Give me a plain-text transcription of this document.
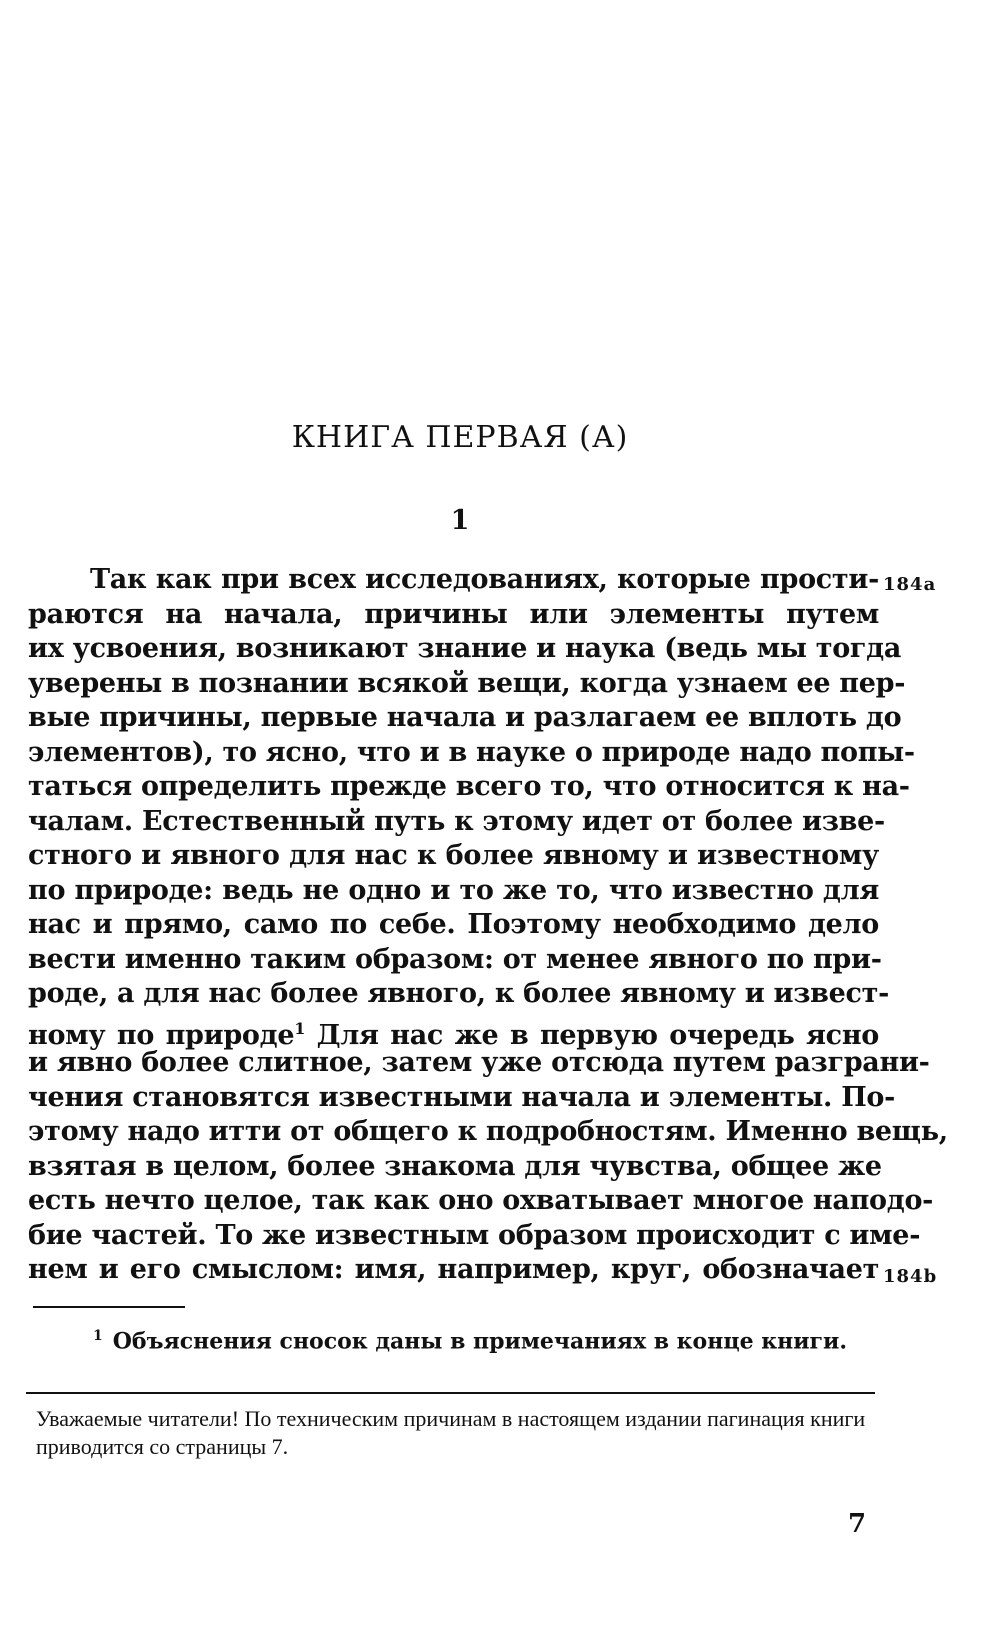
КНИГА ПЕРВАЯ (А)
1
Так как при всех исследованиях, которые прости-
раются на начала, причины или элементы путем
их усвоения, возникают знание и наука (ведь мы тогда
уверены в познании всякой вещи, когда узнаем ее пер-
вые причины, первые начала и разлагаем ее вплоть до
элементов), то ясно, что и в науке о природе надо попы-
таться определить прежде всего то, что относится к на-
чалам. Естественный путь к этому идет от более изве-
стного и явного для нас к более явному и известному
по природе: ведь не одно и то же то, что известно для
нас и прямо, само по себе. Поэтому необходимо дело
вести именно таким образом: от менее явного по при-
роде, а для нас более явного, к более явному и извест-
ному по природе$^1$ Для нас же в первую очередь ясно
и явно более слитное, затем уже отсюда путем разграни-
чения становятся известными начала и элементы. По-
этому надо итти от общего к подробностям. Именно вещь,
взятая в целом, более знакома для чувства, общее же
есть нечто целое, так как оно охватывает многое наподо-
бие частей. То же известным образом происходит с име-
нем и его смыслом: имя, например, круг, обозначает
184a
184b
$^1$ Объяснения сносок даны в примечаниях в конце книги.
Уважаемые читатели! По техническим причинам в настоящем издании пагинация книги приводится со страницы 7.
7
